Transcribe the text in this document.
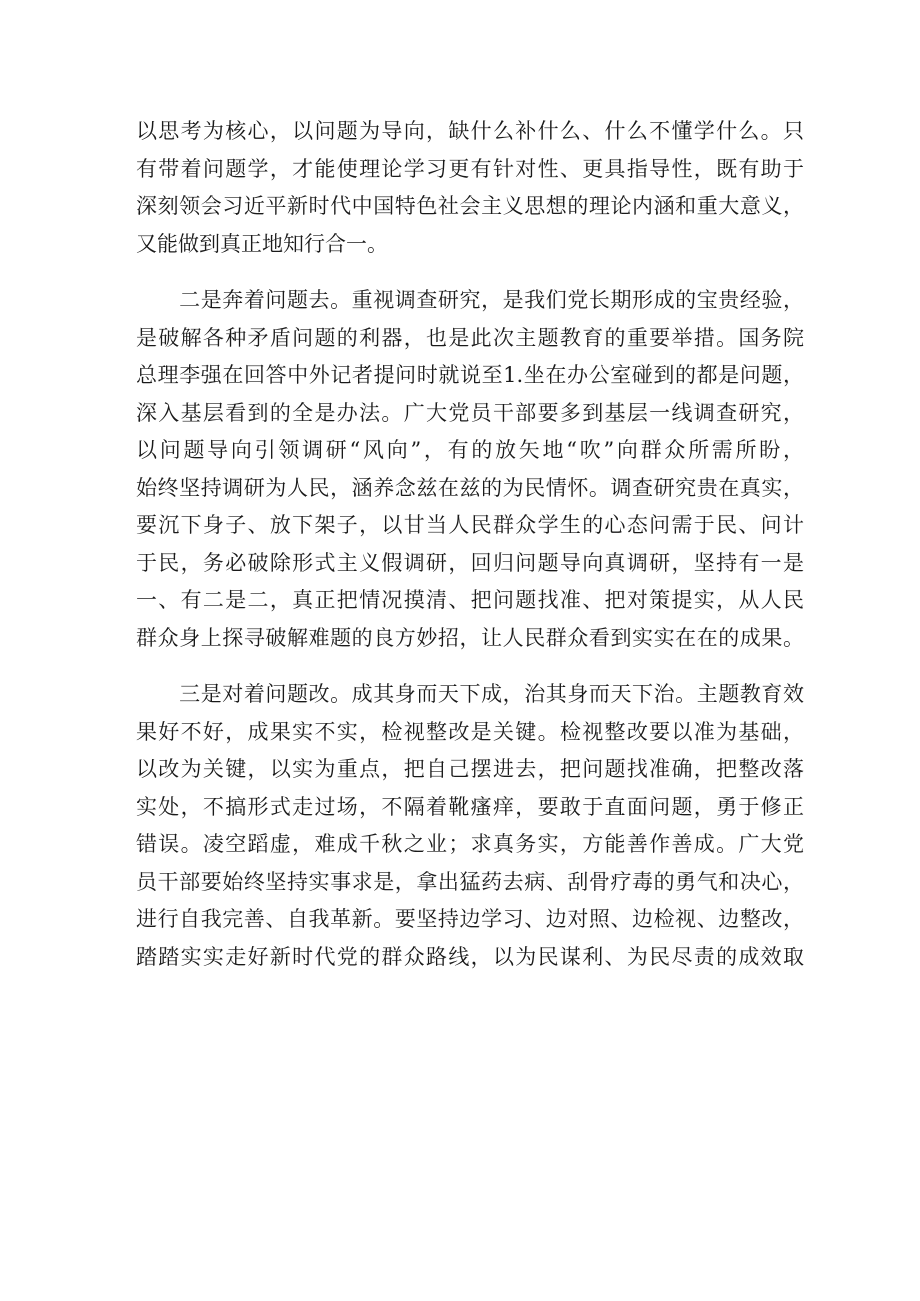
以思考为核心，以问题为导向，缺什么补什么、什么不懂学什么。只
有带着问题学，才能使理论学习更有针对性、更具指导性，既有助于
深刻领会习近平新时代中国特色社会主义思想的理论内涵和重大意义，
又能做到真正地知行合一。
　　二是奔着问题去。重视调查研究，是我们党长期形成的宝贵经验，
是破解各种矛盾问题的利器，也是此次主题教育的重要举措。国务院
总理李强在回答中外记者提问时就说至1.坐在办公室碰到的都是问题，
深入基层看到的全是办法。广大党员干部要多到基层一线调查研究，
以问题导向引领调研“风向”，有的放矢地“吹”向群众所需所盼，
始终坚持调研为人民，涵养念兹在兹的为民情怀。调查研究贵在真实，
要沉下身子、放下架子，以甘当人民群众学生的心态问需于民、问计
于民，务必破除形式主义假调研，回归问题导向真调研，坚持有一是
一、有二是二，真正把情况摸清、把问题找准、把对策提实，从人民
群众身上探寻破解难题的良方妙招，让人民群众看到实实在在的成果。
　　三是对着问题改。成其身而天下成，治其身而天下治。主题教育效
果好不好，成果实不实，检视整改是关键。检视整改要以准为基础，
以改为关键，以实为重点，把自己摆进去，把问题找准确，把整改落
实处，不搞形式走过场，不隔着靴瘙痒，要敢于直面问题，勇于修正
错误。凌空蹈虚，难成千秋之业；求真务实，方能善作善成。广大党
员干部要始终坚持实事求是，拿出猛药去病、刮骨疗毒的勇气和决心，
进行自我完善、自我革新。要坚持边学习、边对照、边检视、边整改，
踏踏实实走好新时代党的群众路线，以为民谋利、为民尽责的成效取
